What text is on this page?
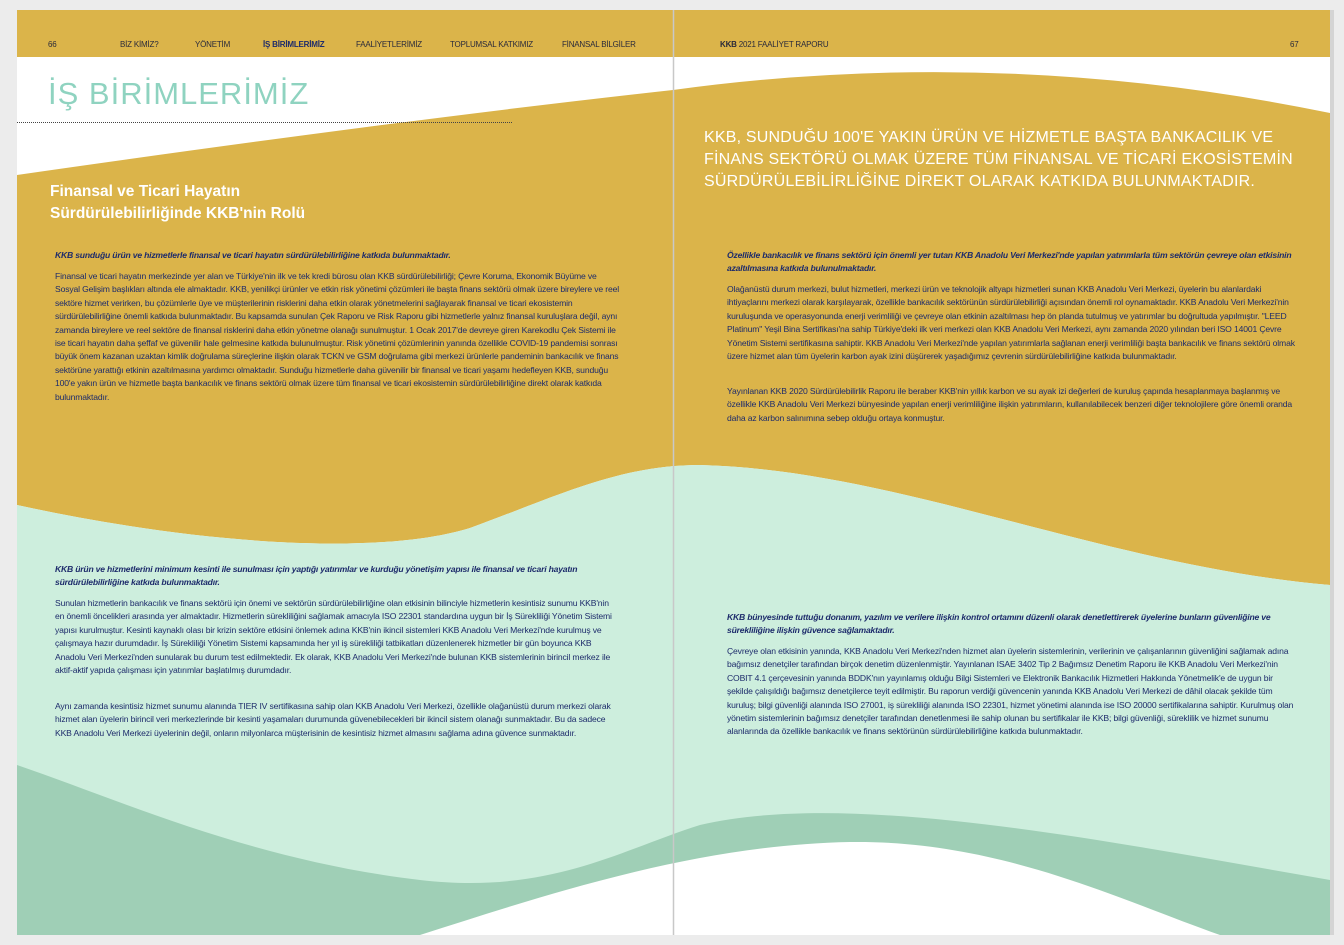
66	BİZ KİMİZ?	YÖNETİM	İŞ BİRİMLERİMİZ	FAALİYETLERİMİZ	TOPLUMSAL KATKIMIZ	FİNANSAL BİLGİLER	KKB 2021 FAALİYET RAPORU	67
İŞ BİRİMLERİMİZ
Finansal ve Ticari Hayatın
Sürdürülebilirliğinde KKB'nin Rolü
KKB sunduğu ürün ve hizmetlerle finansal ve ticari hayatın sürdürülebilirliğine katkıda bulunmaktadır.

Finansal ve ticari hayatın merkezinde yer alan ve Türkiye'nin ilk ve tek kredi bürosu olan KKB sürdürülebilirliği; Çevre Koruma, Ekonomik Büyüme ve Sosyal Gelişim başlıkları altında ele almaktadır. KKB, yenilikçi ürünler ve etkin risk yönetimi çözümleri ile başta finans sektörü olmak üzere bireylere ve reel sektöre hizmet verirken, bu çözümlerle üye ve müşterilerinin risklerini daha etkin olarak yönetmelerini sağlayarak finansal ve ticari ekosistemin sürdürülebilirliğine önemli katkıda bulunmaktadır. Bu kapsamda sunulan Çek Raporu ve Risk Raporu gibi hizmetlerle yalnız finansal kuruluşlara değil, aynı zamanda bireylere ve reel sektöre de finansal risklerini daha etkin yönetme olanağı sunulmuştur. 1 Ocak 2017'de devreye giren Karekodlu Çek Sistemi ile ise ticari hayatın daha şeffaf ve güvenilir hale gelmesine katkıda bulunulmuştur. Risk yönetimi çözümlerinin yanında özellikle COVID-19 pandemisi sonrası büyük önem kazanan uzaktan kimlik doğrulama süreçlerine ilişkin olarak TCKN ve GSM doğrulama gibi merkezi ürünlerle pandeminin bankacılık ve finans sektörüne yarattığı etkinin azaltılmasına yardımcı olmaktadır. Sunduğu hizmetlerle daha güvenilir bir finansal ve ticari yaşamı hedefleyen KKB, sunduğu 100'e yakın ürün ve hizmetle başta bankacılık ve finans sektörü olmak üzere tüm finansal ve ticari ekosistemin sürdürülebilirliğine direkt olarak katkıda bulunmaktadır.

KKB ürün ve hizmetlerini minimum kesinti ile sunulması için yaptığı yatırımlar ve kurduğu yönetişim yapısı ile finansal ve ticari hayatın sürdürülebilirliğine katkıda bulunmaktadır.

Sunulan hizmetlerin bankacılık ve finans sektörü için önemi ve sektörün sürdürülebilirliğine olan etkisinin bilinciyle hizmetlerin kesintisiz sunumu KKB'nin en önemli öncelikleri arasında yer almaktadır. Hizmetlerin sürekliliğini sağlamak amacıyla ISO 22301 standardına uygun bir İş Sürekliliği Yönetim Sistemi yapısı kurulmuştur. Kesinti kaynaklı olası bir krizin sektöre etkisini önlemek adına KKB'nin ikincil sistemleri KKB Anadolu Veri Merkezi'nde kurulmuş ve çalışmaya hazır durumdadır. İş Sürekliliği Yönetim Sistemi kapsamında her yıl iş sürekliliği tatbikatları düzenlenerek hizmetler bir gün boyunca KKB Anadolu Veri Merkezi'nden sunularak bu durum test edilmektedir. Ek olarak, KKB Anadolu Veri Merkezi'nde bulunan KKB sistemlerinin birincil merkez ile aktif-aktif yapıda çalışması için yatırımlar başlatılmış durumdadır.

Aynı zamanda kesintisiz hizmet sunumu alanında TIER IV sertifikasına sahip olan KKB Anadolu Veri Merkezi, özellikle olağanüstü durum merkezi olarak hizmet alan üyelerin birincil veri merkezlerinde bir kesinti yaşamaları durumunda güvenebilecekleri bir ikincil sistem olanağı sunmaktadır. Bu da sadece KKB Anadolu Veri Merkezi üyelerinin değil, onların milyonlarca müşterisinin de kesintisiz hizmet almasını sağlama adına güvence sunmaktadır.

KKB, SUNDUĞU 100'E YAKIN ÜRÜN VE HİZMETLE BAŞTA BANKACILIK VE FİNANS SEKTÖRÜ OLMAK ÜZERE TÜM FİNANSAL VE TİCARİ EKOSİSTEMİN SÜRDÜRÜLEBİLİRLİĞİNE DİREKT OLARAK KATKIDA BULUNMAKTADIR.
Özellikle bankacılık ve finans sektörü için önemli yer tutan KKB Anadolu Veri Merkezi'nde yapılan yatırımlarla tüm sektörün çevreye olan etkisinin azaltılmasına katkıda bulunulmaktadır.

Olağanüstü durum merkezi, bulut hizmetleri, merkezi ürün ve teknolojik altyapı hizmetleri sunan KKB Anadolu Veri Merkezi, üyelerin bu alanlardaki ihtiyaçlarını merkezi olarak karşılayarak, özellikle bankacılık sektörünün sürdürülebilirliği açısından önemli rol oynamaktadır. KKB Anadolu Veri Merkezi'nin kuruluşunda ve operasyonunda enerji verimliliği ve çevreye olan etkinin azaltılması hep ön planda tutulmuş ve yatırımlar bu doğrultuda yapılmıştır. "LEED Platinum" Yeşil Bina Sertifikası'na sahip Türkiye'deki ilk veri merkezi olan KKB Anadolu Veri Merkezi, aynı zamanda 2020 yılından beri ISO 14001 Çevre Yönetim Sistemi sertifikasına sahiptir. KKB Anadolu Veri Merkezi'nde yapılan yatırımlarla sağlanan enerji verimliliği başta bankacılık ve finans sektörü olmak üzere hizmet alan tüm üyelerin karbon ayak izini düşürerek yaşadığımız çevrenin sürdürülebilirliğine katkıda bulunmaktadır.

Yayınlanan KKB 2020 Sürdürülebilirlik Raporu ile beraber KKB'nin yıllık karbon ve su ayak izi değerleri de kuruluş çapında hesaplanmaya başlanmış ve özellikle KKB Anadolu Veri Merkezi bünyesinde yapılan enerji verimliliğine ilişkin yatırımların, kullanılabilecek benzeri diğer teknolojilere göre önemli oranda daha az karbon salınımına sebep olduğu ortaya konmuştur.

KKB bünyesinde tuttuğu donanım, yazılım ve verilere ilişkin kontrol ortamını düzenli olarak denetlettirerek üyelerine bunların güvenliğine ve sürekliliğine ilişkin güvence sağlamaktadır.

Çevreye olan etkisinin yanında, KKB Anadolu Veri Merkezi'nden hizmet alan üyelerin sistemlerinin, verilerinin ve çalışanlarının güvenliğini sağlamak adına bağımsız denetçiler tarafından birçok denetim düzenlenmiştir. Yayınlanan ISAE 3402 Tip 2 Bağımsız Denetim Raporu ile KKB Anadolu Veri Merkezi'nin COBIT 4.1 çerçevesinin yanında BDDK'nın yayınlamış olduğu Bilgi Sistemleri ve Elektronik Bankacılık Hizmetleri Hakkında Yönetmelik'e de uygun bir şekilde çalışıldığı bağımsız denetçilerce teyit edilmiştir. Bu raporun verdiği güvencenin yanında KKB Anadolu Veri Merkezi de dâhil olacak şekilde tüm kuruluş; bilgi güvenliği alanında ISO 27001, iş sürekliliği alanında ISO 22301, hizmet yönetimi alanında ise ISO 20000 sertifikalarına sahiptir. Kurulmuş olan yönetim sistemlerinin bağımsız denetçiler tarafından denetlenmesi ile sahip olunan bu sertifikalar ile KKB; bilgi güvenliği, süreklilik ve hizmet sunumu alanlarında da özellikle bankacılık ve finans sektörünün sürdürülebilirliğine katkıda bulunmaktadır.
